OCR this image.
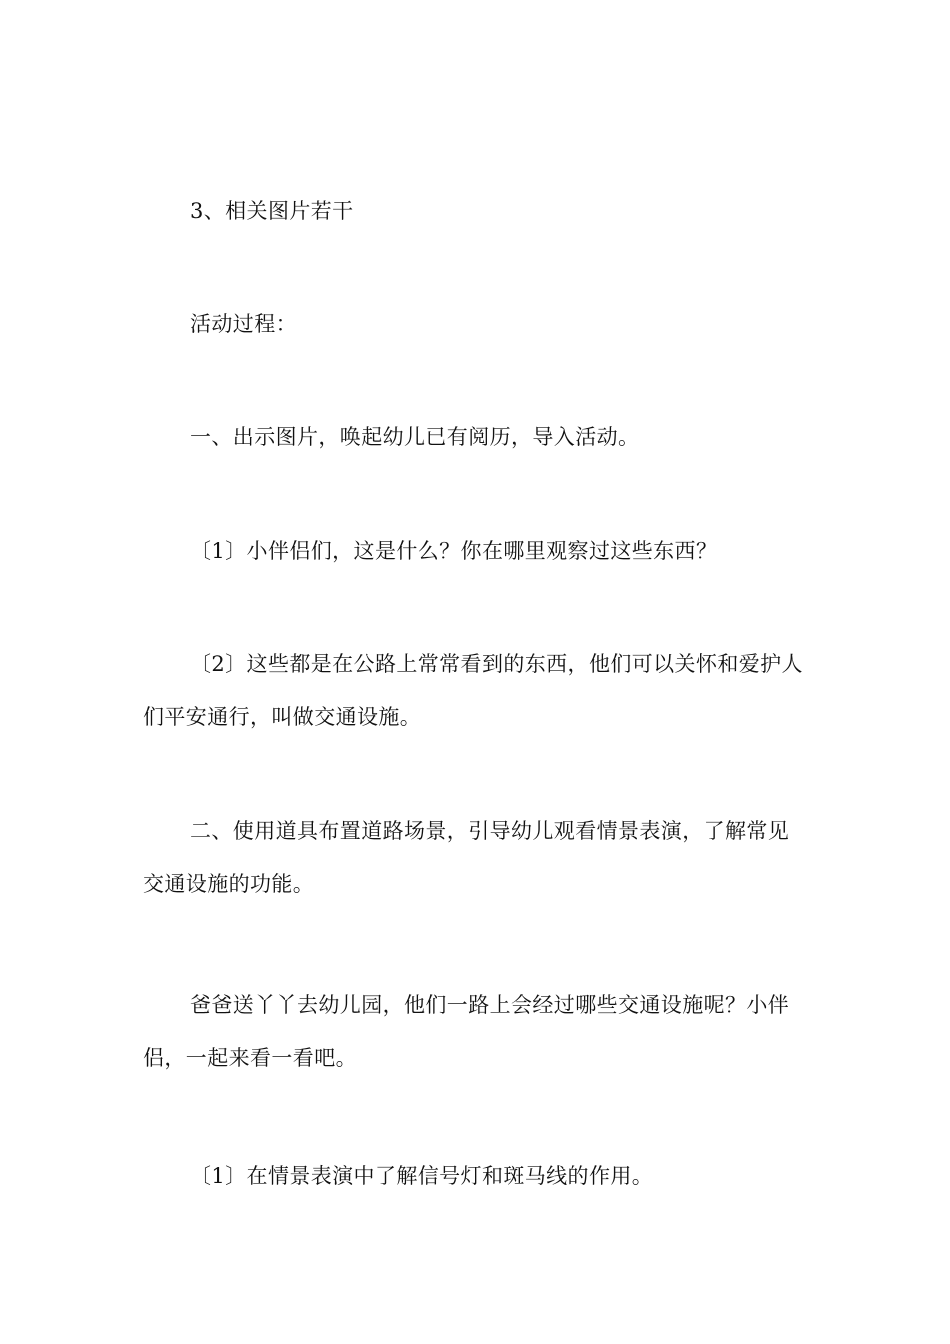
3、相关图片若干

活动过程：

一、出示图片，唤起幼儿已有阅历，导入活动。

〔1〕小伴侣们，这是什么？你在哪里观察过这些东西？

〔2〕这些都是在公路上常常看到的东西，他们可以关怀和爱护人们平安通行，叫做交通设施。

二、使用道具布置道路场景，引导幼儿观看情景表演，了解常见交通设施的功能。

爸爸送丫丫去幼儿园，他们一路上会经过哪些交通设施呢？小伴侣，一起来看一看吧。

〔1〕在情景表演中了解信号灯和斑马线的作用。
